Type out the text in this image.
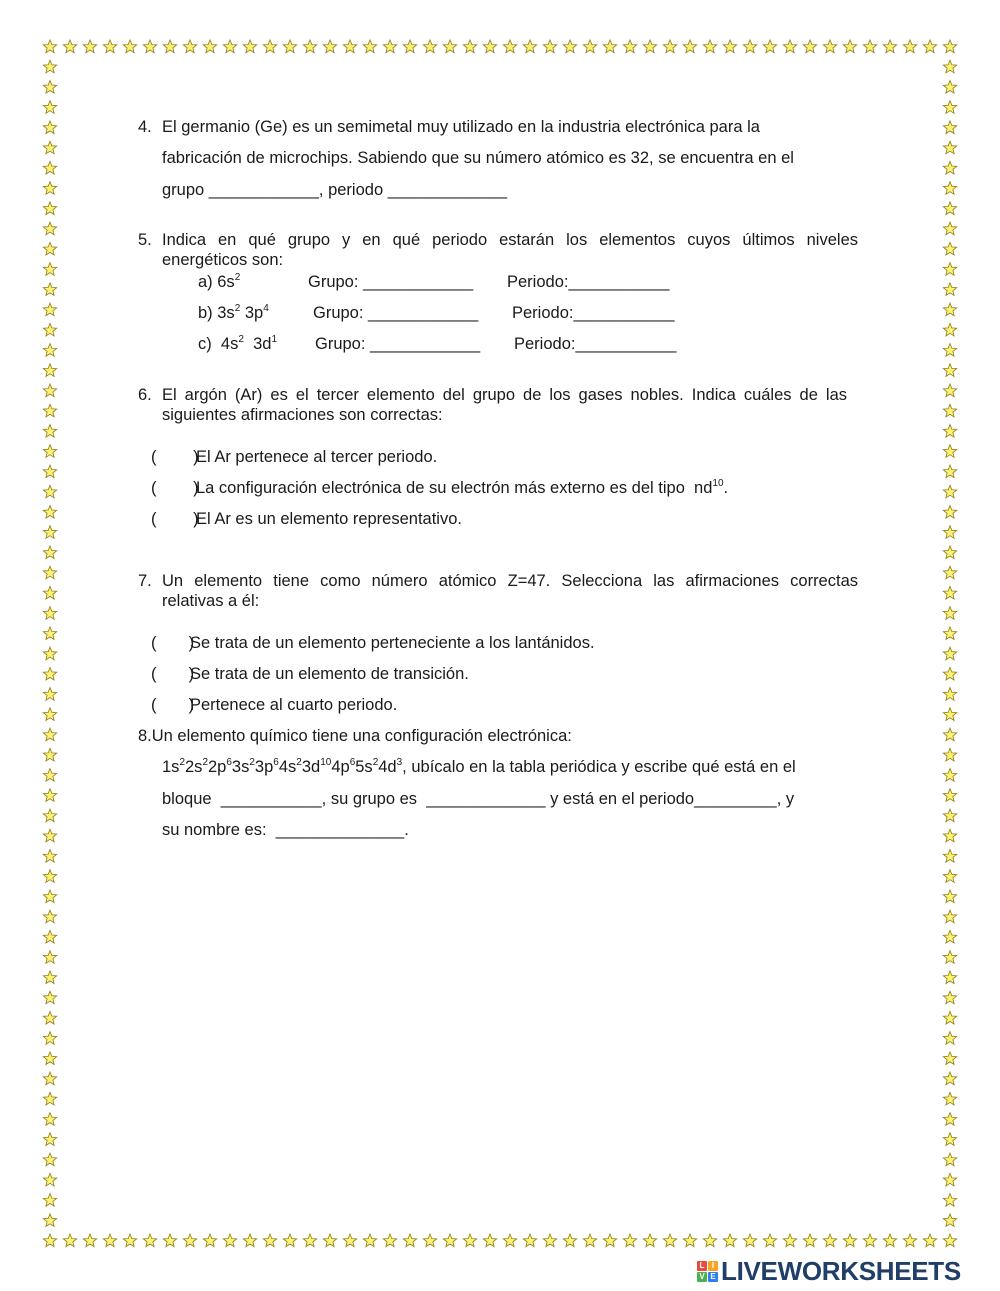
4. El germanio (Ge) es un semimetal muy utilizado en la industria electrónica para la
fabricación de microchips. Sabiendo que su número atómico es 32, se encuentra en el
grupo ____________, periodo _____________
5. Indica en qué grupo y en qué periodo estarán los elementos cuyos últimos niveles
energéticos son:
a) $6s^2$	Grupo: ____________ Periodo:___________
b) $3s^2$ $3p^4$	Grupo: ____________ Periodo:___________
c)  $4s^2$  $3d^1$ Grupo: ____________ Periodo:___________
6. El argón (Ar) es el tercer elemento del grupo de los gases nobles. Indica cuáles de las
siguientes afirmaciones son correctas:
(        )
El Ar pertenece al tercer periodo.
(        )
La configuración electrónica de su electrón más externo es del tipo  $nd^{10}$.
(        )
El Ar es un elemento representativo.
7. Un elemento tiene como número atómico Z=47. Selecciona las afirmaciones correctas
relativas a él:
(       )
Se trata de un elemento perteneciente a los lantánidos.
(       )
Se trata de un elemento de transición.
(       )
Pertenece al cuarto periodo.
8.Un elemento químico tiene una configuración electrónica:
$1s^22s^22p^63s^23p^64s^23d^{10}4p^65s^24d^3$, ubícalo en la tabla periódica y escribe qué está en el
bloque  ___________, su grupo es  _____________ y está en el periodo_________, y
su nombre es:  ______________.
L I
V E LIVEWORKSHEETS
